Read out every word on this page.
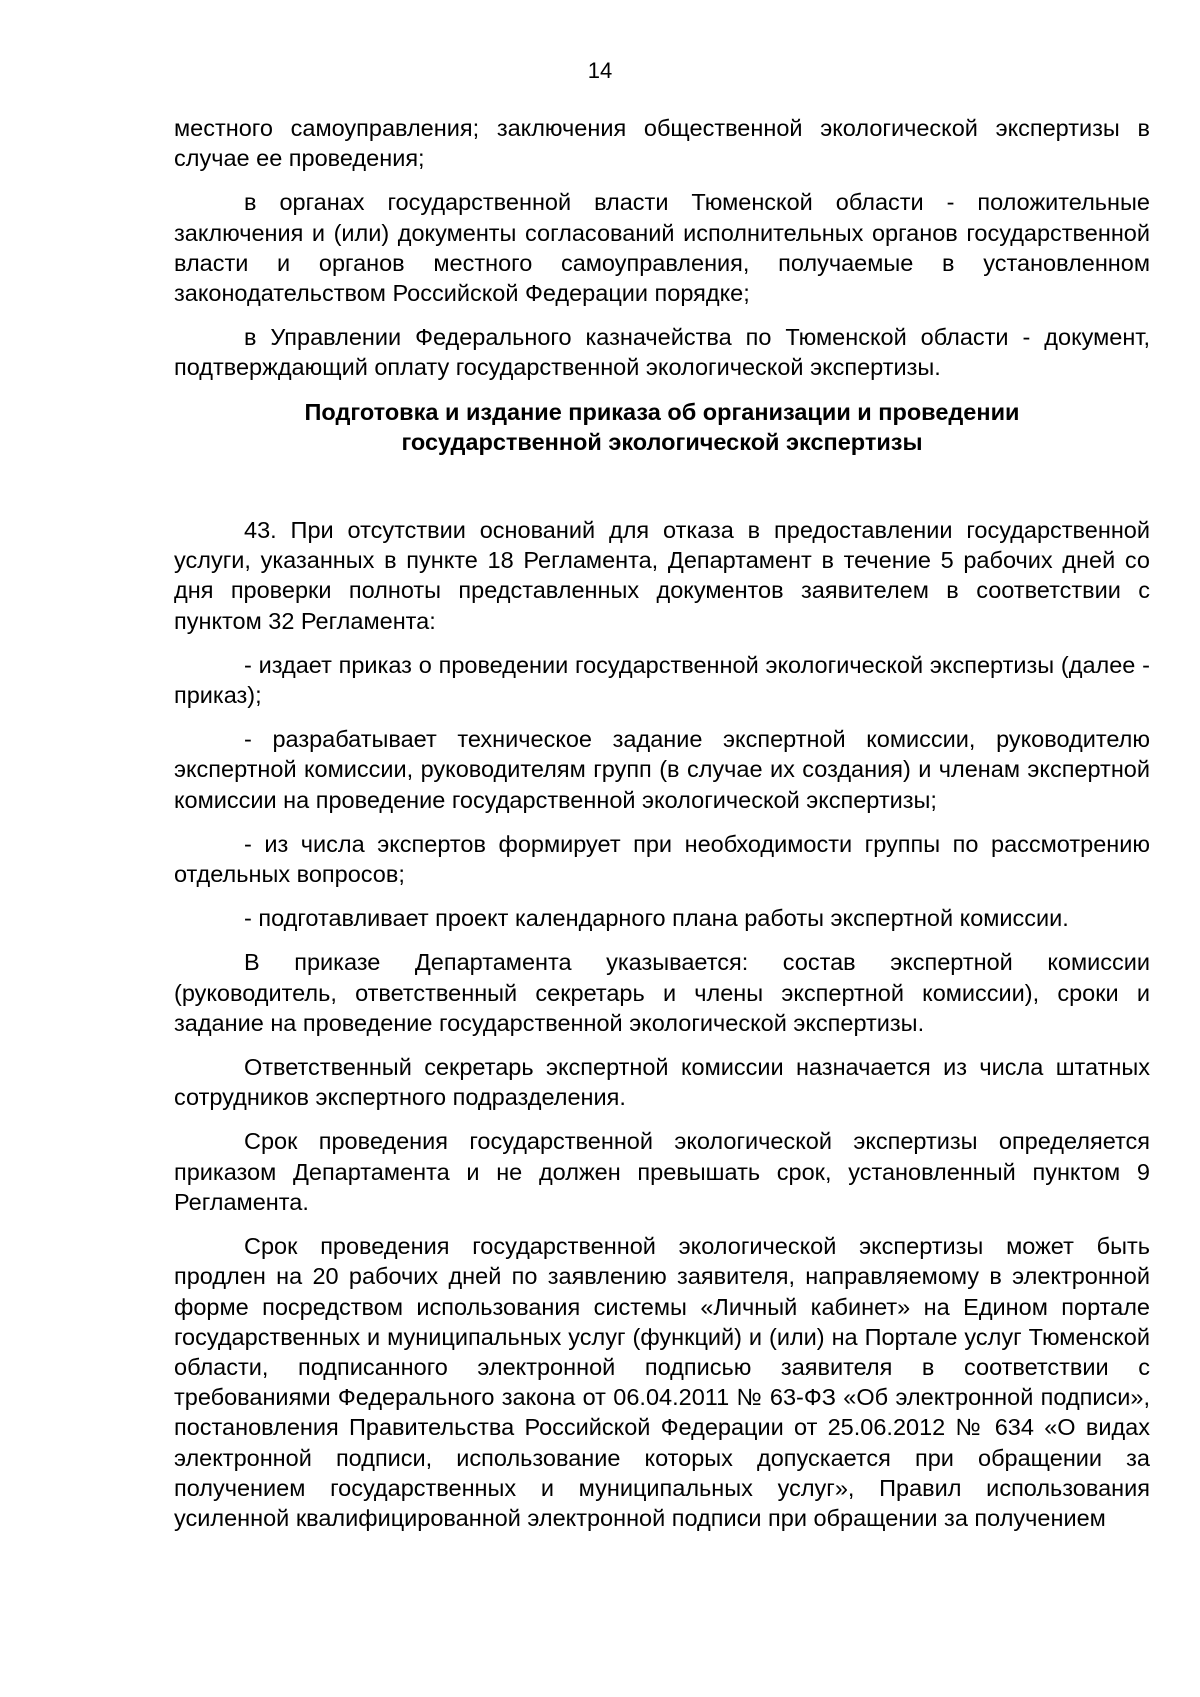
14

местного самоуправления; заключения общественной экологической экспертизы в случае ее проведения;

в органах государственной власти Тюменской области - положительные заключения и (или) документы согласований исполнительных органов государственной власти и органов местного самоуправления, получаемые в установленном законодательством Российской Федерации порядке;

в Управлении Федерального казначейства по Тюменской области - документ, подтверждающий оплату государственной экологической экспертизы.

Подготовка и издание приказа об организации и проведении
государственной экологической экспертизы

43. При отсутствии оснований для отказа в предоставлении государственной услуги, указанных в пункте 18 Регламента, Департамент в течение 5 рабочих дней со дня проверки полноты представленных документов заявителем в соответствии с пунктом 32 Регламента:

- издает приказ о проведении государственной экологической экспертизы (далее - приказ);

- разрабатывает техническое задание экспертной комиссии, руководителю экспертной комиссии, руководителям групп (в случае их создания) и членам экспертной комиссии на проведение государственной экологической экспертизы;

- из числа экспертов формирует при необходимости группы по рассмотрению отдельных вопросов;

- подготавливает проект календарного плана работы экспертной комиссии.

В приказе Департамента указывается: состав экспертной комиссии (руководитель, ответственный секретарь и члены экспертной комиссии), сроки и задание на проведение государственной экологической экспертизы.

Ответственный секретарь экспертной комиссии назначается из числа штатных сотрудников экспертного подразделения.

Срок проведения государственной экологической экспертизы определяется приказом Департамента и не должен превышать срок, установленный пунктом 9 Регламента.

Срок проведения государственной экологической экспертизы может быть продлен на 20 рабочих дней по заявлению заявителя, направляемому в электронной форме посредством использования системы «Личный кабинет» на Едином портале государственных и муниципальных услуг (функций) и (или) на Портале услуг Тюменской области, подписанного электронной подписью заявителя в соответствии с требованиями Федерального закона от 06.04.2011 № 63-ФЗ «Об электронной подписи», постановления Правительства Российской Федерации от 25.06.2012 № 634 «О видах электронной подписи, использование которых допускается при обращении за получением государственных и муниципальных услуг», Правил использования усиленной квалифицированной электронной подписи при обращении за получением
